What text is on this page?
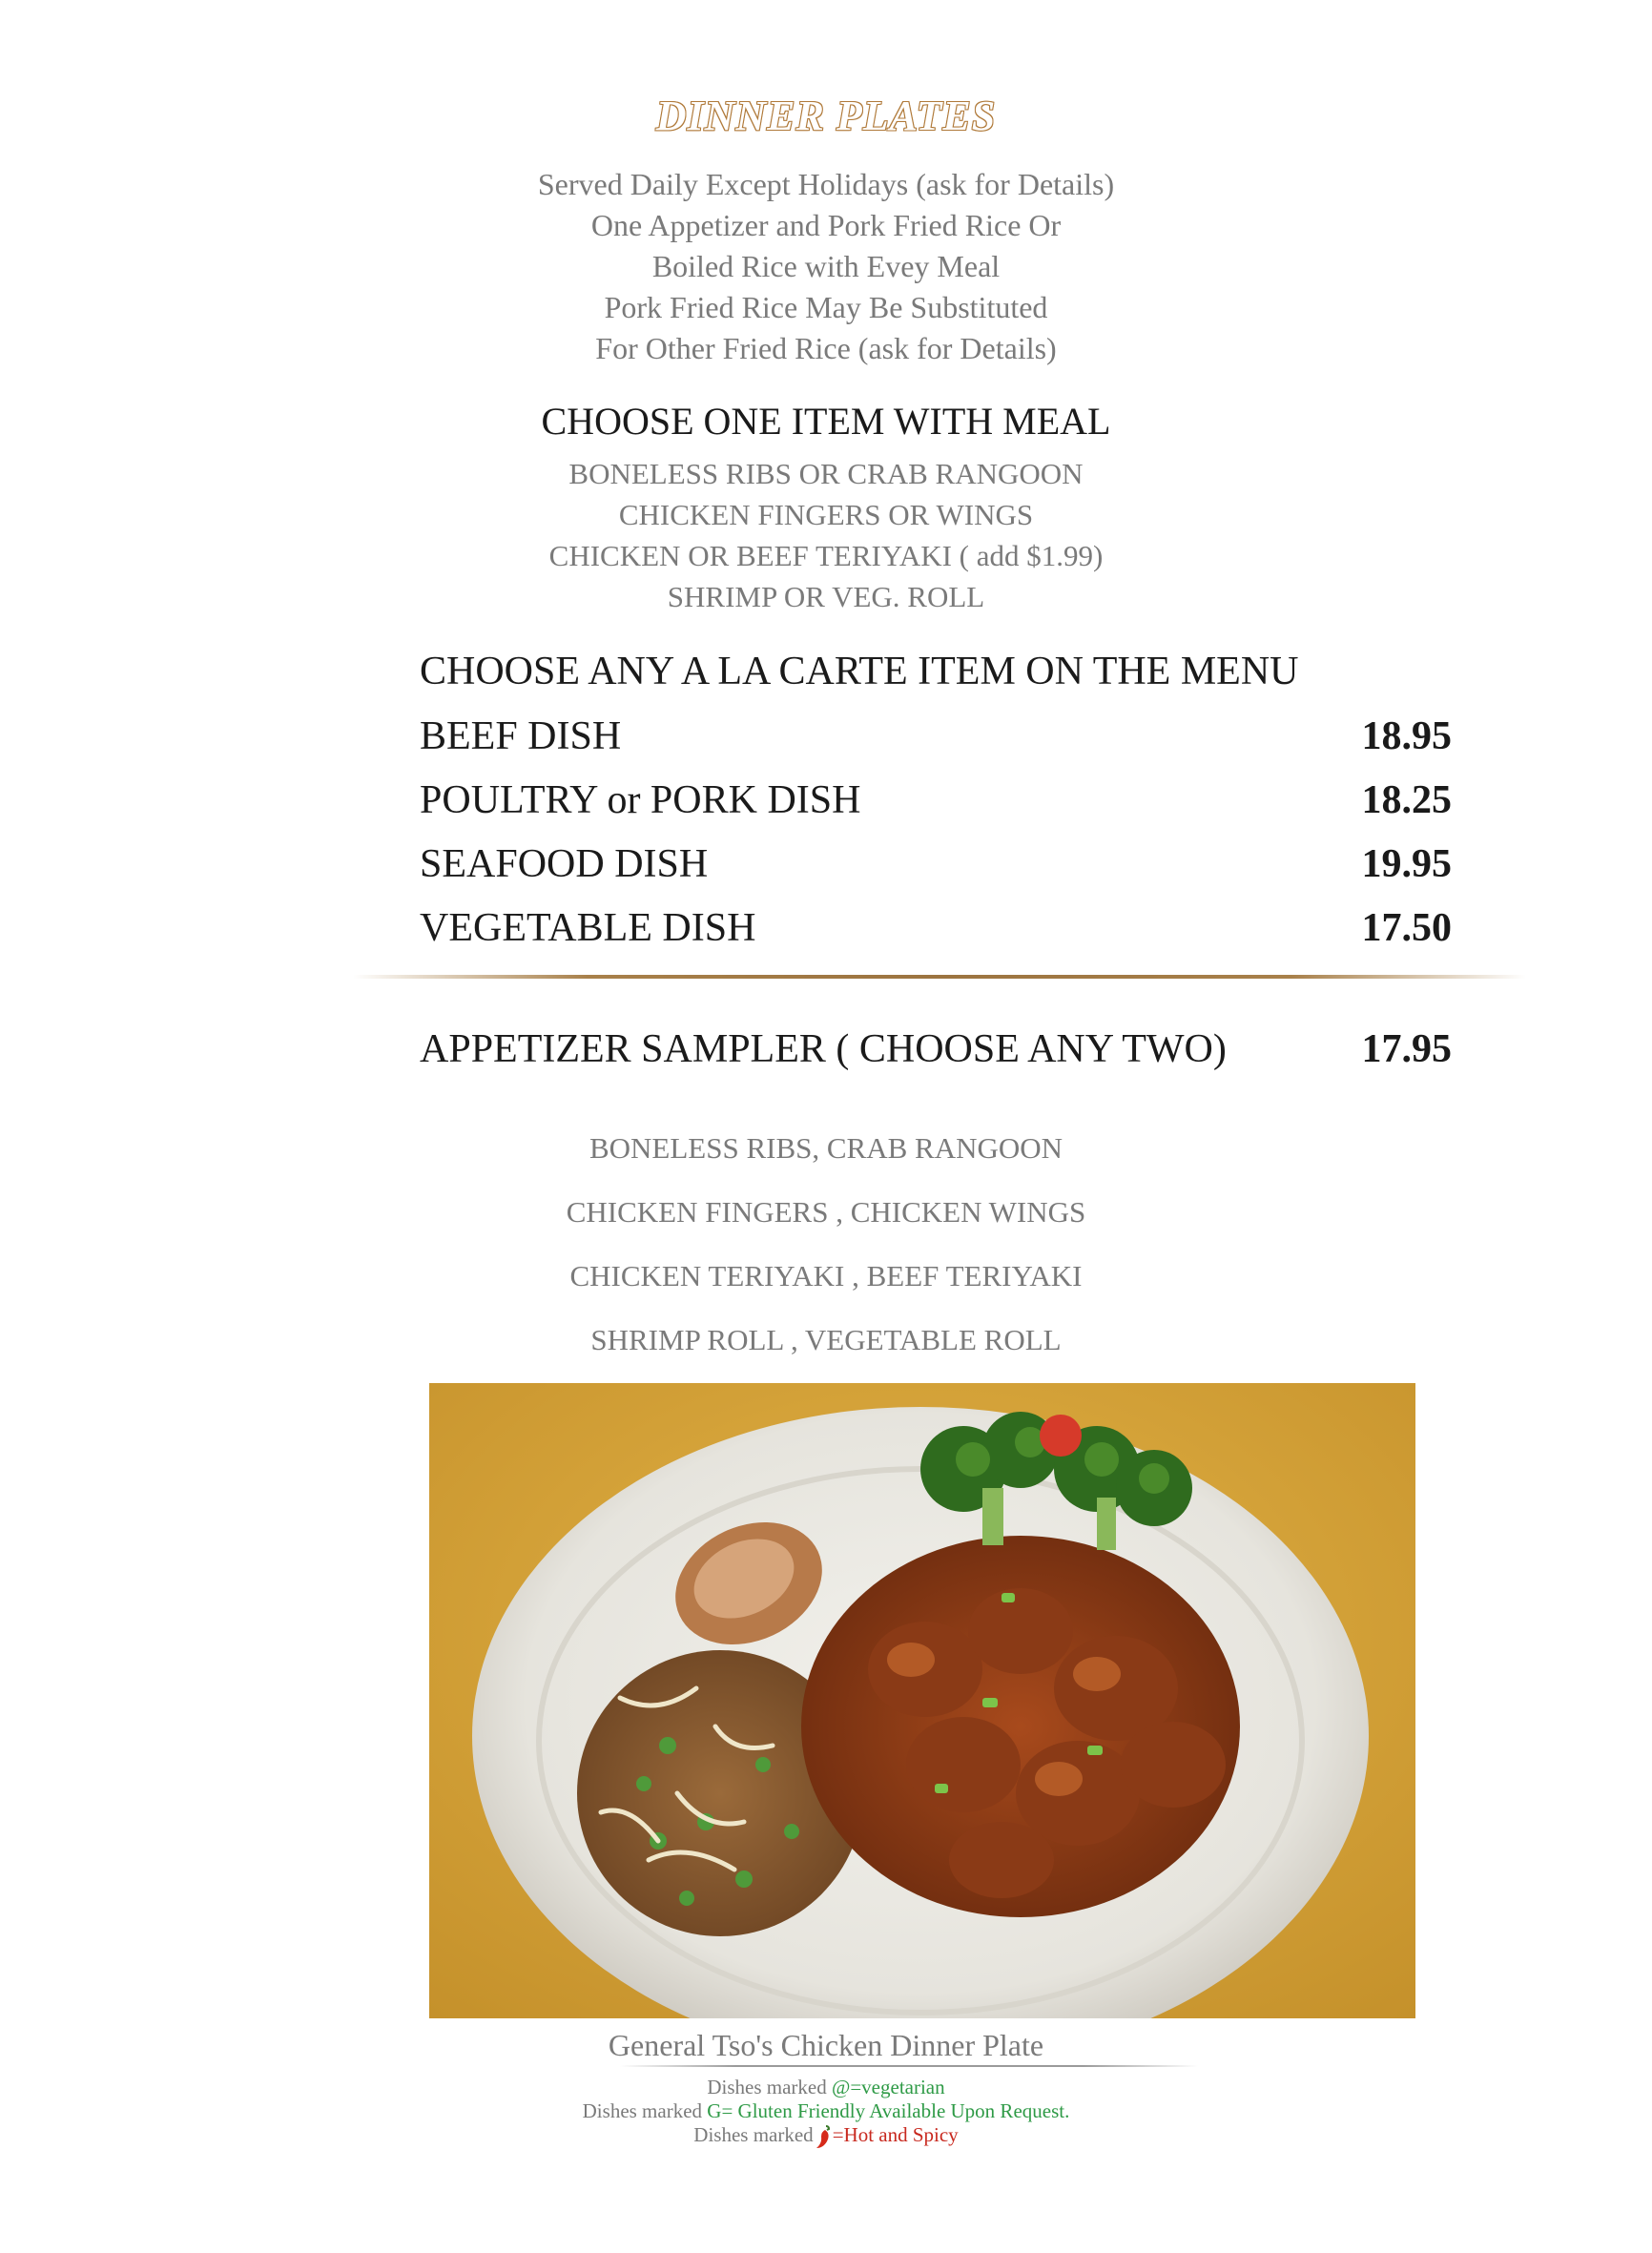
DINNER PLATES
Served Daily Except Holidays (ask for Details)
One Appetizer and Pork Fried Rice Or
Boiled Rice with Evey Meal
Pork Fried Rice May Be Substituted
For Other Fried Rice (ask for Details)
CHOOSE ONE ITEM WITH MEAL
BONELESS RIBS OR CRAB RANGOON
CHICKEN FINGERS OR WINGS
CHICKEN OR BEEF TERIYAKI ( add $1.99)
SHRIMP OR VEG. ROLL
CHOOSE ANY A LA CARTE ITEM ON THE MENU
BEEF DISH	18.95
POULTRY or PORK DISH	18.25
SEAFOOD DISH	19.95
VEGETABLE DISH	17.50
APPETIZER SAMPLER ( CHOOSE ANY TWO)	17.95
BONELESS RIBS, CRAB RANGOON
CHICKEN FINGERS , CHICKEN WINGS
CHICKEN TERIYAKI , BEEF TERIYAKI
SHRIMP ROLL , VEGETABLE ROLL
General Tso's Chicken Dinner Plate
Dishes marked @=vegetarian
Dishes marked G= Gluten Friendly Available Upon Request.
Dishes marked =Hot and Spicy
